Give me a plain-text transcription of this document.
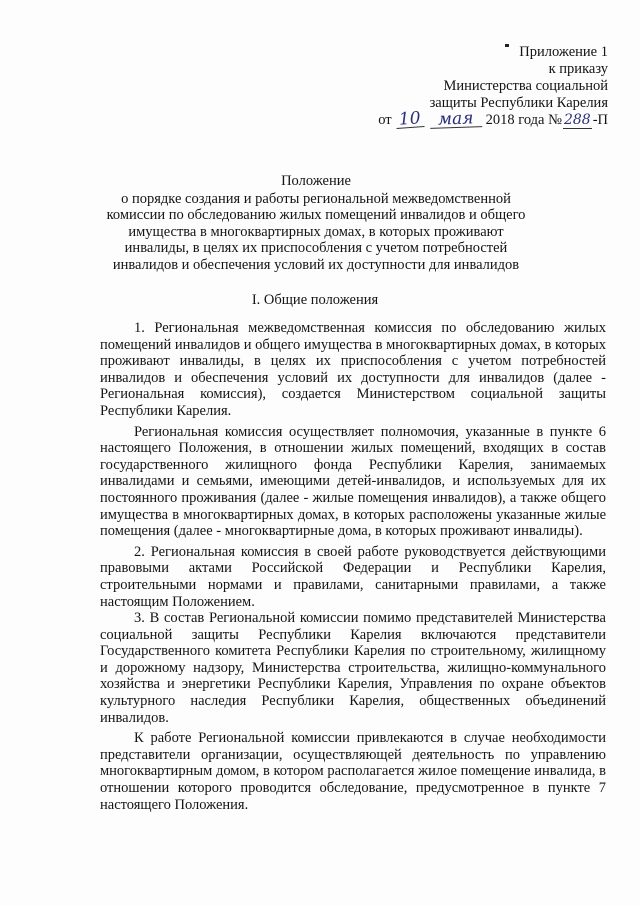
Приложение 1
к приказу
Министерства социальной
защиты Республики Карелия
от 10 мая 2018 года № 288 -П
Положение
о порядке создания и работы региональной межведомственной комиссии по обследованию жилых помещений инвалидов и общего имущества в многоквартирных домах, в которых проживают инвалиды, в целях их приспособления с учетом потребностей инвалидов и обеспечения условий их доступности для инвалидов
I. Общие положения

1. Региональная межведомственная комиссия по обследованию жилых помещений инвалидов и общего имущества в многоквартирных домах, в которых проживают инвалиды, в целях их приспособления с учетом потребностей инвалидов и обеспечения условий их доступности для инвалидов (далее - Региональная комиссия), создается Министерством социальной защиты Республики Карелия.

Региональная комиссия осуществляет полномочия, указанные в пункте 6 настоящего Положения, в отношении жилых помещений, входящих в состав государственного жилищного фонда Республики Карелия, занимаемых инвалидами и семьями, имеющими детей-инвалидов, и используемых для их постоянного проживания (далее - жилые помещения инвалидов), а также общего имущества в многоквартирных домах, в которых расположены указанные жилые помещения (далее - многоквартирные дома, в которых проживают инвалиды).

2. Региональная комиссия в своей работе руководствуется действующими правовыми актами Российской Федерации и Республики Карелия, строительными нормами и правилами, санитарными правилами, а также настоящим Положением.

3. В состав Региональной комиссии помимо представителей Министерства социальной защиты Республики Карелия включаются представители Государственного комитета Республики Карелия по строительному, жилищному и дорожному надзору, Министерства строительства, жилищно-коммунального хозяйства и энергетики Республики Карелия, Управления по охране объектов культурного наследия Республики Карелия, общественных объединений инвалидов.

К работе Региональной комиссии привлекаются в случае необходимости представители организации, осуществляющей деятельность по управлению многоквартирным домом, в котором располагается жилое помещение инвалида, в отношении которого проводится обследование, предусмотренное в пункте 7 настоящего Положения.
